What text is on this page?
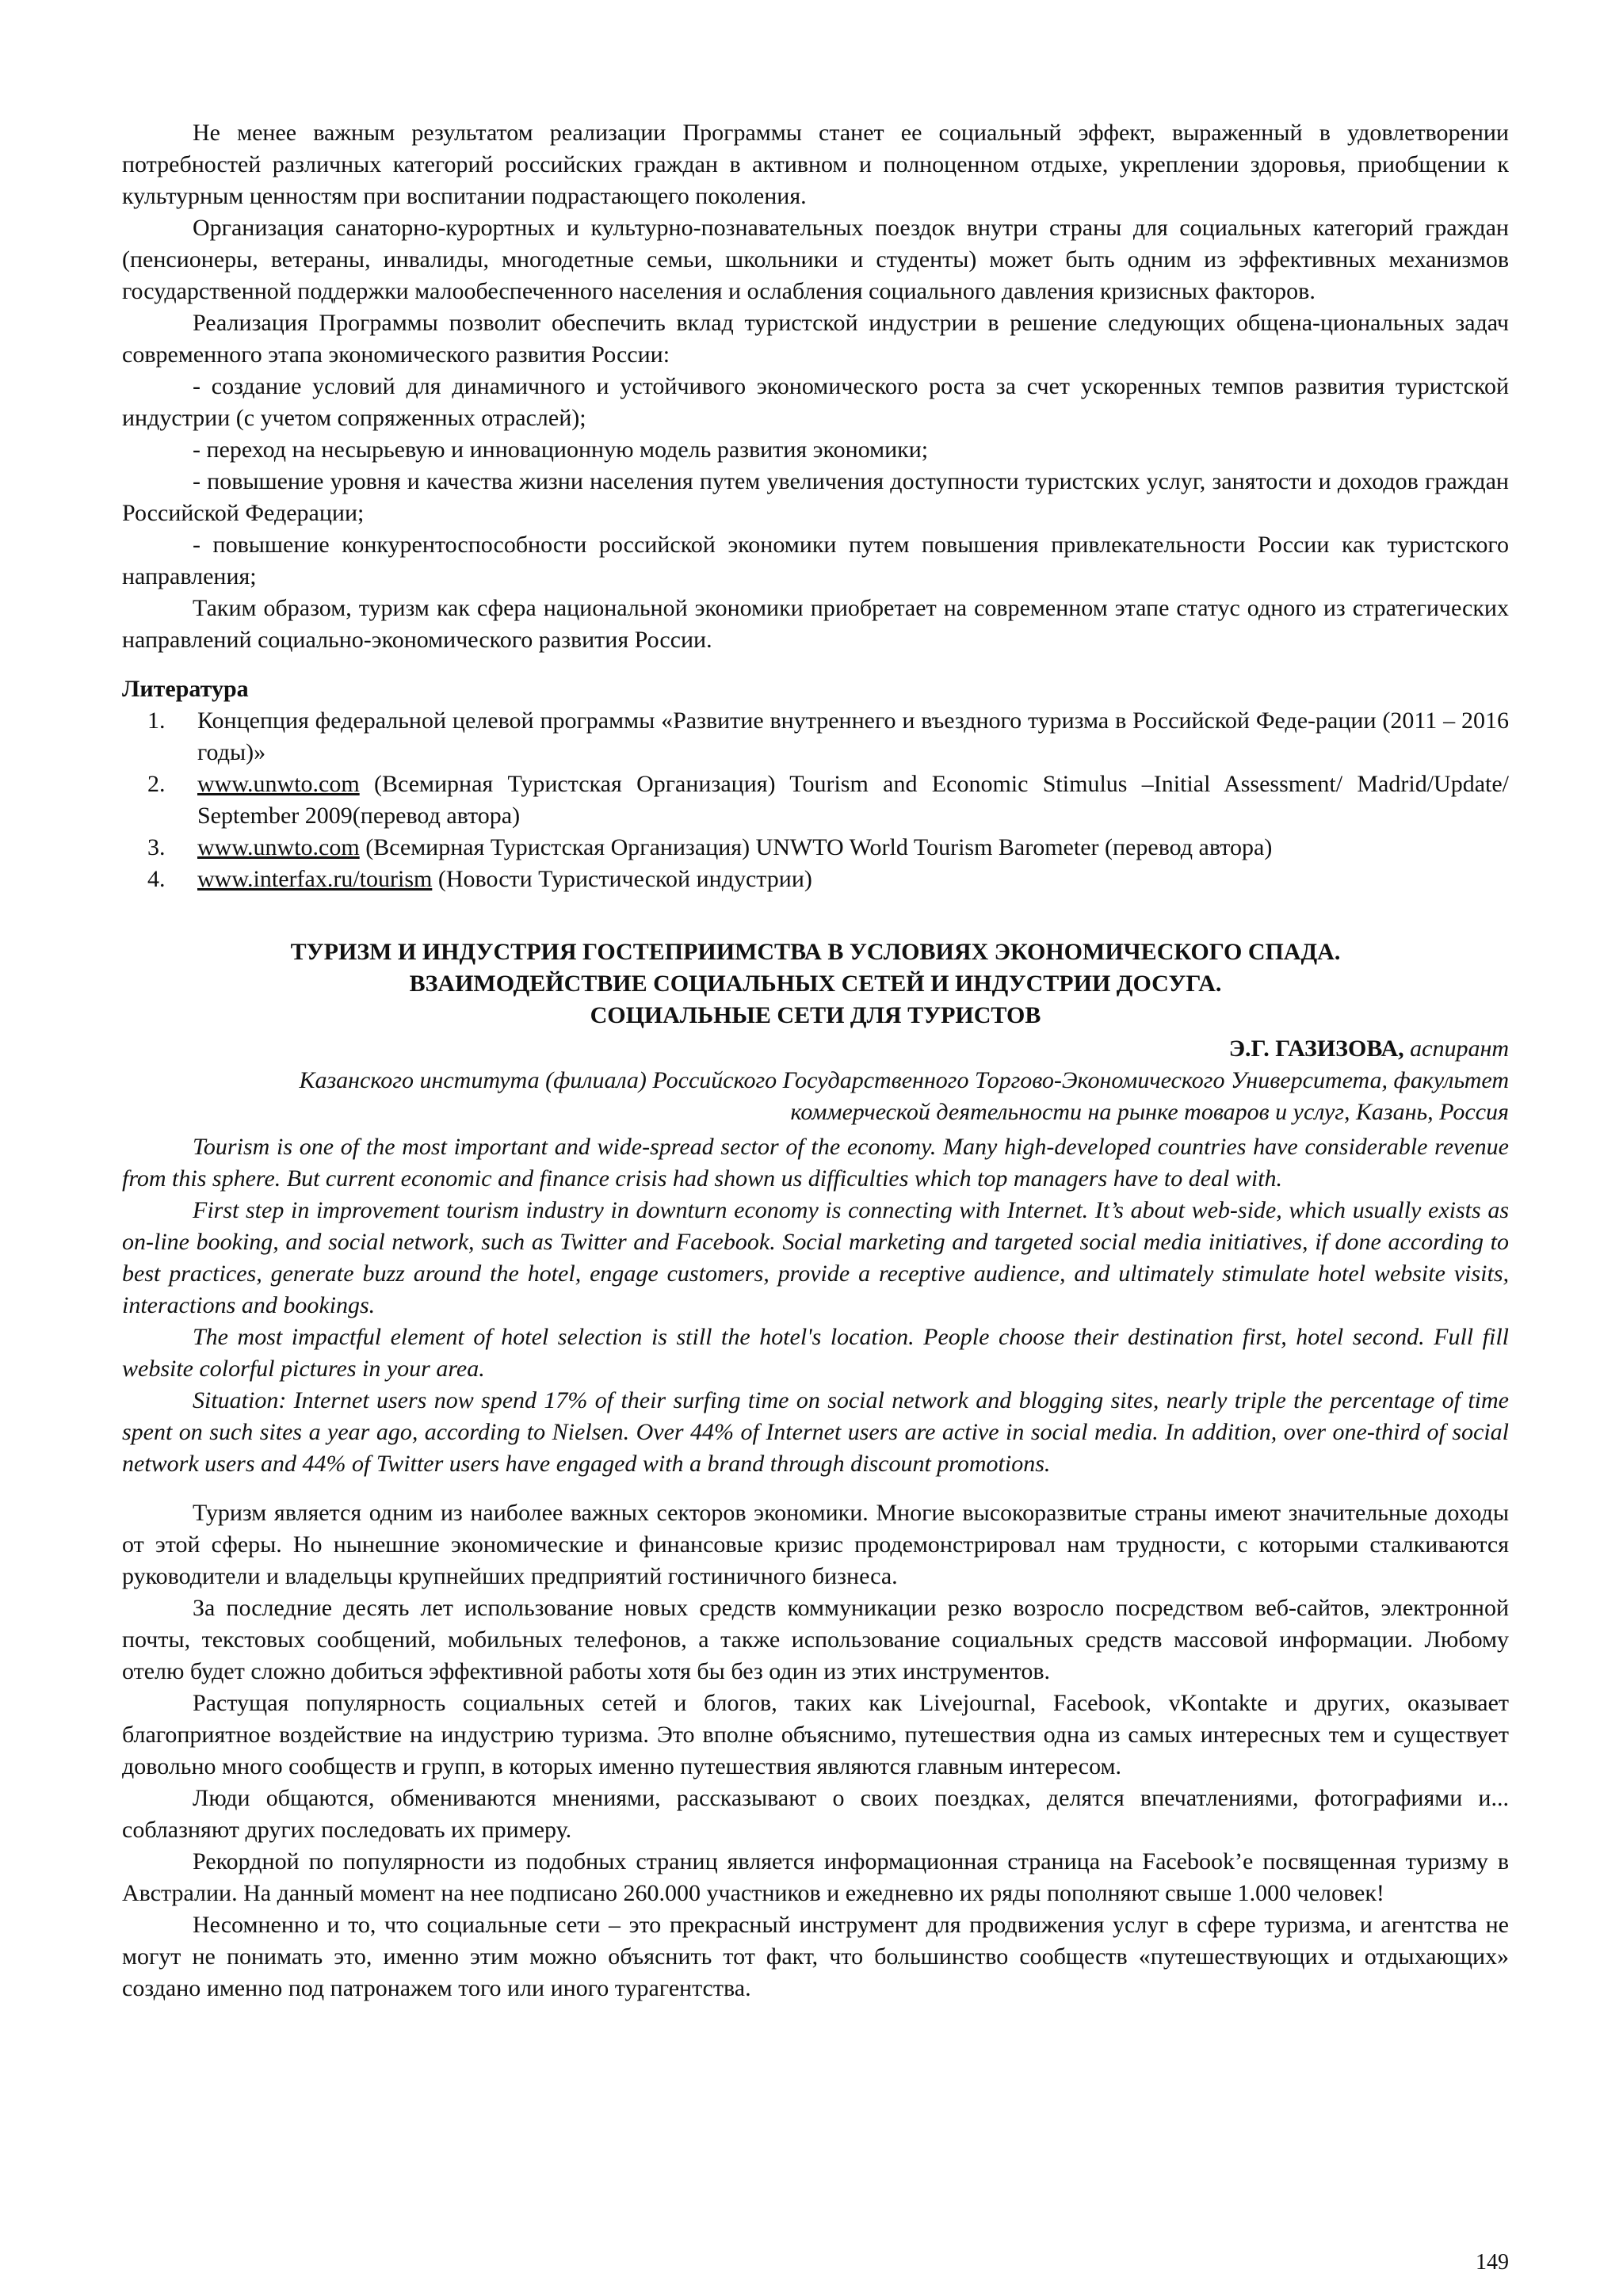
Не менее важным результатом реализации Программы станет ее социальный эффект, выраженный в удовлетворении потребностей различных категорий российских граждан в активном и полноценном отдыхе, укреплении здоровья, приобщении к культурным ценностям при воспитании подрастающего поколения.

Организация санаторно-курортных и культурно-познавательных поездок внутри страны для социальных категорий граждан (пенсионеры, ветераны, инвалиды, многодетные семьи, школьники и студенты) может быть одним из эффективных механизмов государственной поддержки малообеспеченного населения и ослабления социального давления кризисных факторов.

Реализация Программы позволит обеспечить вклад туристской индустрии в решение следующих общена-циональных задач современного этапа экономического развития России:

- создание условий для динамичного и устойчивого экономического роста за счет ускоренных темпов развития туристской индустрии (с учетом сопряженных отраслей);

- переход на несырьевую и инновационную модель развития экономики;

- повышение уровня и качества жизни населения путем увеличения доступности туристских услуг, занятости и доходов граждан Российской Федерации;

- повышение конкурентоспособности российской экономики путем повышения привлекательности России как туристского направления;

Таким образом, туризм как сфера национальной экономики приобретает на современном этапе статус одного из стратегических направлений социально-экономического развития России.

Литература

1. Концепция федеральной целевой программы «Развитие внутреннего и въездного туризма в Российской Феде-рации (2011 – 2016 годы)»
2. www.unwto.com (Всемирная Туристская Организация) Tourism and Economic Stimulus –Initial Assessment/ Madrid/Update/ September 2009(перевод автора)
3. www.unwto.com (Всемирная Туристская Организация) UNWTO World Tourism Barometer (перевод автора)
4. www.interfax.ru/tourism (Новости Туристической индустрии)
ТУРИЗМ И ИНДУСТРИЯ ГОСТЕПРИИМСТВА В УСЛОВИЯХ ЭКОНОМИЧЕСКОГО СПАДА.
ВЗАИМОДЕЙСТВИЕ СОЦИАЛЬНЫХ СЕТЕЙ И ИНДУСТРИИ ДОСУГА.
СОЦИАЛЬНЫЕ СЕТИ ДЛЯ ТУРИСТОВ
Э.Г. ГАЗИЗОВА, аспирант
Казанского института (филиала) Российского Государственного Торгово-Экономического Университета, факультет
коммерческой деятельности на рынке товаров и услуг, Казань, Россия

Tourism is one of the most important and wide-spread sector of the economy. Many high-developed countries have considerable revenue from this sphere. But current economic and finance crisis had shown us difficulties which top managers have to deal with.

First step in improvement tourism industry in downturn economy is connecting with Internet. It’s about web-side, which usually exists as on-line booking, and social network, such as Twitter and Facebook. Social marketing and targeted social media initiatives, if done according to best practices, generate buzz around the hotel, engage customers, provide a receptive audience, and ultimately stimulate hotel website visits, interactions and bookings.

The most impactful element of hotel selection is still the hotel's location. People choose their destination first, hotel second. Full fill website colorful pictures in your area.

Situation: Internet users now spend 17% of their surfing time on social network and blogging sites, nearly triple the percentage of time spent on such sites a year ago, according to Nielsen. Over 44% of Internet users are active in social media. In addition, over one-third of social network users and 44% of Twitter users have engaged with a brand through discount promotions.

Туризм является одним из наиболее важных секторов экономики. Многие высокоразвитые страны имеют значительные доходы от этой сферы. Но нынешние экономические и финансовые кризис продемонстрировал нам трудности, с которыми сталкиваются руководители и владельцы крупнейших предприятий гостиничного бизнеса.

За последние десять лет использование новых средств коммуникации резко возросло посредством веб-сайтов, электронной почты, текстовых сообщений, мобильных телефонов, а также использование социальных средств массовой информации. Любому отелю будет сложно добиться эффективной работы хотя бы без один из этих инструментов.

Растущая популярность социальных сетей и блогов, таких как Livejournal, Facebook, vKontakte и других, оказывает благоприятное воздействие на индустрию туризма. Это вполне объяснимо, путешествия одна из самых интересных тем и существует довольно много сообществ и групп, в которых именно путешествия являются главным интересом.

Люди общаются, обмениваются мнениями, рассказывают о своих поездках, делятся впечатлениями, фотографиями и... соблазняют других последовать их примеру.

Рекордной по популярности из подобных страниц является информационная страница на Facebook’е посвященная туризму в Австралии. На данный момент на нее подписано 260.000 участников и ежедневно их ряды пополняют свыше 1.000 человек!

Несомненно и то, что социальные сети – это прекрасный инструмент для продвижения услуг в сфере туризма, и агентства не могут не понимать это, именно этим можно объяснить тот факт, что большинство сообществ «путешествующих и отдыхающих» создано именно под патронажем того или иного турагентства.

149
